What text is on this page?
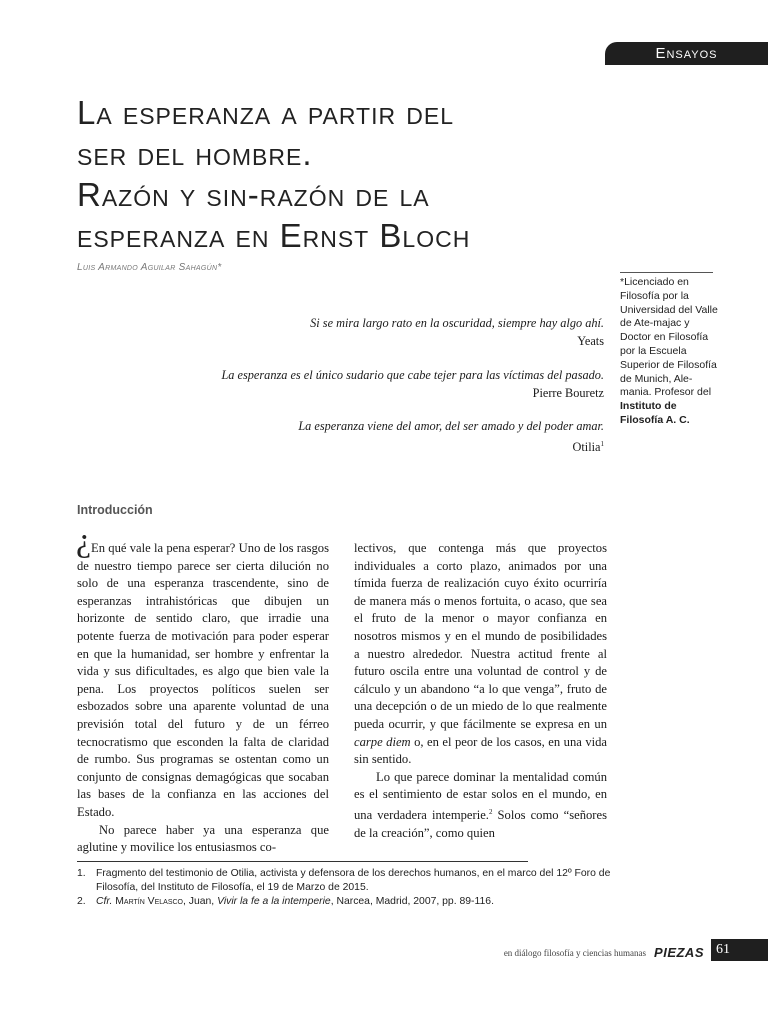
Ensayos
La esperanza a partir del
ser del hombre.
Razón y sin-razón de la
esperanza en Ernst Bloch
Luis Armando Aguilar Sahagún*
*Licenciado en Filosofía por la Universidad del Valle de Ate-majac y Doctor en Filosofía por la Escuela Superior de Filosofía de Munich, Ale-mania. Profesor del Instituto de Filosofía A. C.
Si se mira largo rato en la oscuridad, siempre hay algo ahí.
Yeats
La esperanza es el único sudario que cabe tejer para las víctimas del pasado.
Pierre Bouretz
La esperanza viene del amor, del ser amado y del poder amar.
Otilia$^1$
Introducción
¿ En qué vale la pena esperar? Uno de los rasgos de nuestro tiempo parece ser cierta dilución no solo de una esperanza trascendente, sino de esperanzas intrahistóricas que dibujen un horizonte de sentido claro, que irradie una potente fuerza de motivación para poder esperar en que la humanidad, ser hombre y enfrentar la vida y sus dificultades, es algo que bien vale la pena. Los proyectos políticos suelen ser esbozados sobre una aparente voluntad de una previsión total del futuro y de un férreo tecnocratismo que esconden la falta de claridad de rumbo. Sus programas se ostentan como un conjunto de consignas demagógicas que socaban las bases de la confianza en las acciones del Estado.

No parece haber ya una esperanza que aglutine y movilice los entusiasmos co-

lectivos, que contenga más que proyectos individuales a corto plazo, animados por una tímida fuerza de realización cuyo éxito ocurriría de manera más o menos fortuita, o acaso, que sea el fruto de la menor o mayor confianza en nosotros mismos y en el mundo de posibilidades a nuestro alrededor. Nuestra actitud frente al futuro oscila entre una voluntad de control y de cálculo y un abandono “a lo que venga”, fruto de una decepción o de un miedo de lo que realmente pueda ocurrir, y que fácilmente se expresa en un carpe diem o, en el peor de los casos, en una vida sin sentido.

Lo que parece dominar la mentalidad común es el sentimiento de estar solos en el mundo, en una verdadera intemperie.$^2$ Solos como “señores de la creación”, como quien

1. Fragmento del testimonio de Otilia, activista y defensora de los derechos humanos, en el marco del 12º Foro de Filosofía, del Instituto de Filosofía, el 19 de Marzo de 2015.

2. Cfr. Martín Velasco, Juan, Vivir la fe a la intemperie, Narcea, Madrid, 2007, pp. 89-116.

en diálogo filosofía y ciencias humanas PIEZAS 61
